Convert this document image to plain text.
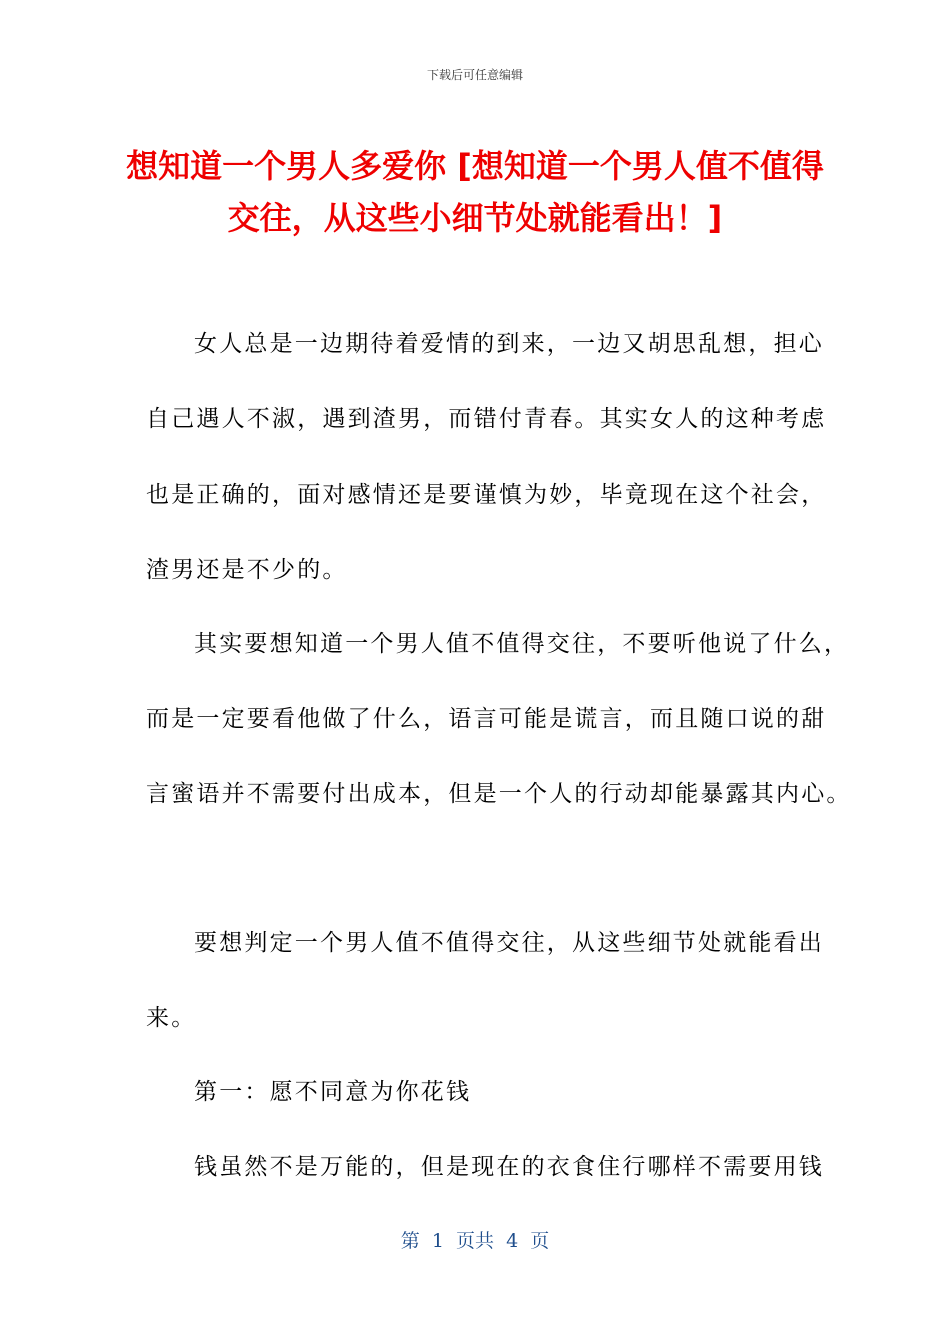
下载后可任意编辑
想知道一个男人多爱你 [想知道一个男人值不值得交往，从这些小细节处就能看出！]

女人总是一边期待着爱情的到来，一边又胡思乱想，担心

自己遇人不淑，遇到渣男，而错付青春。其实女人的这种考虑

也是正确的，面对感情还是要谨慎为妙，毕竟现在这个社会，

渣男还是不少的。

其实要想知道一个男人值不值得交往，不要听他说了什么，

而是一定要看他做了什么，语言可能是谎言，而且随口说的甜

言蜜语并不需要付出成本，但是一个人的行动却能暴露其内心。

要想判定一个男人值不值得交往，从这些细节处就能看出

来。

第一：愿不同意为你花钱

钱虽然不是万能的，但是现在的衣食住行哪样不需要用钱

第  1  页共  4  页
